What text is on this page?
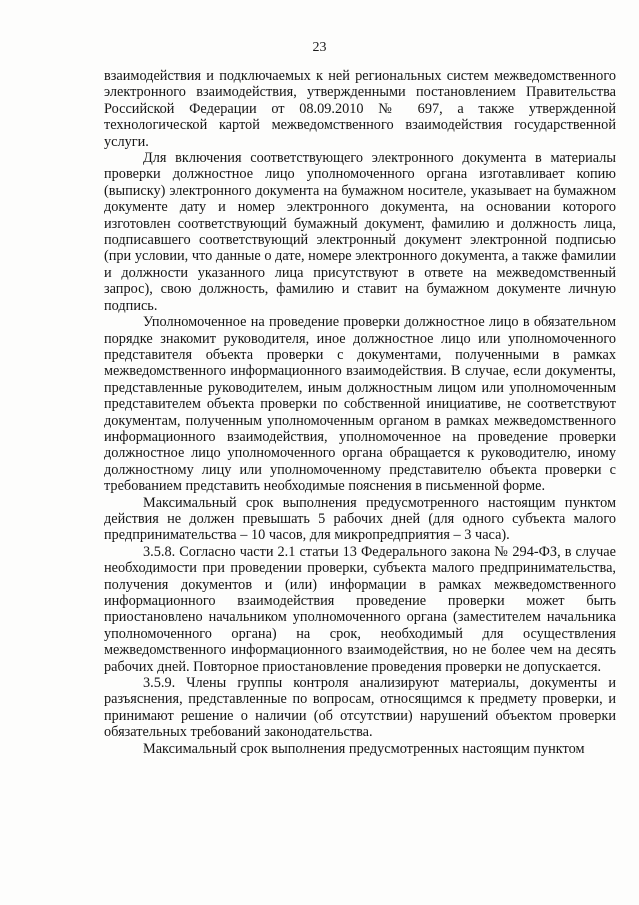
23

взаимодействия и подключаемых к ней региональных систем межведомственного электронного взаимодействия, утвержденными постановлением Правительства Российской Федерации от 08.09.2010 № 697, а также утвержденной технологической картой межведомственного взаимодействия государственной услуги.

Для включения соответствующего электронного документа в материалы проверки должностное лицо уполномоченного органа изготавливает копию (выписку) электронного документа на бумажном носителе, указывает на бумажном документе дату и номер электронного документа, на основании которого изготовлен соответствующий бумажный документ, фамилию и должность лица, подписавшего соответствующий электронный документ электронной подписью (при условии, что данные о дате, номере электронного документа, а также фамилии и должности указанного лица присутствуют в ответе на межведомственный запрос), свою должность, фамилию и ставит на бумажном документе личную подпись.

Уполномоченное на проведение проверки должностное лицо в обязательном порядке знакомит руководителя, иное должностное лицо или уполномоченного представителя объекта проверки с документами, полученными в рамках межведомственного информационного взаимодействия. В случае, если документы, представленные руководителем, иным должностным лицом или уполномоченным представителем объекта проверки по собственной инициативе, не соответствуют документам, полученным уполномоченным органом в рамках межведомственного информационного взаимодействия, уполномоченное на проведение проверки должностное лицо уполномоченного органа обращается к руководителю, иному должностному лицу или уполномоченному представителю объекта проверки с требованием представить необходимые пояснения в письменной форме.

Максимальный срок выполнения предусмотренного настоящим пунктом действия не должен превышать 5 рабочих дней (для одного субъекта малого предпринимательства – 10 часов, для микропредприятия – 3 часа).

3.5.8. Согласно части 2.1 статьи 13 Федерального закона № 294-ФЗ, в случае необходимости при проведении проверки, субъекта малого предпринимательства, получения документов и (или) информации в рамках межведомственного информационного взаимодействия проведение проверки может быть приостановлено начальником уполномоченного органа (заместителем начальника уполномоченного органа) на срок, необходимый для осуществления межведомственного информационного взаимодействия, но не более чем на десять рабочих дней. Повторное приостановление проведения проверки не допускается.

3.5.9. Члены группы контроля анализируют материалы, документы и разъяснения, представленные по вопросам, относящимся к предмету проверки, и принимают решение о наличии (об отсутствии) нарушений объектом проверки обязательных требований законодательства.

Максимальный срок выполнения предусмотренных настоящим пунктом
